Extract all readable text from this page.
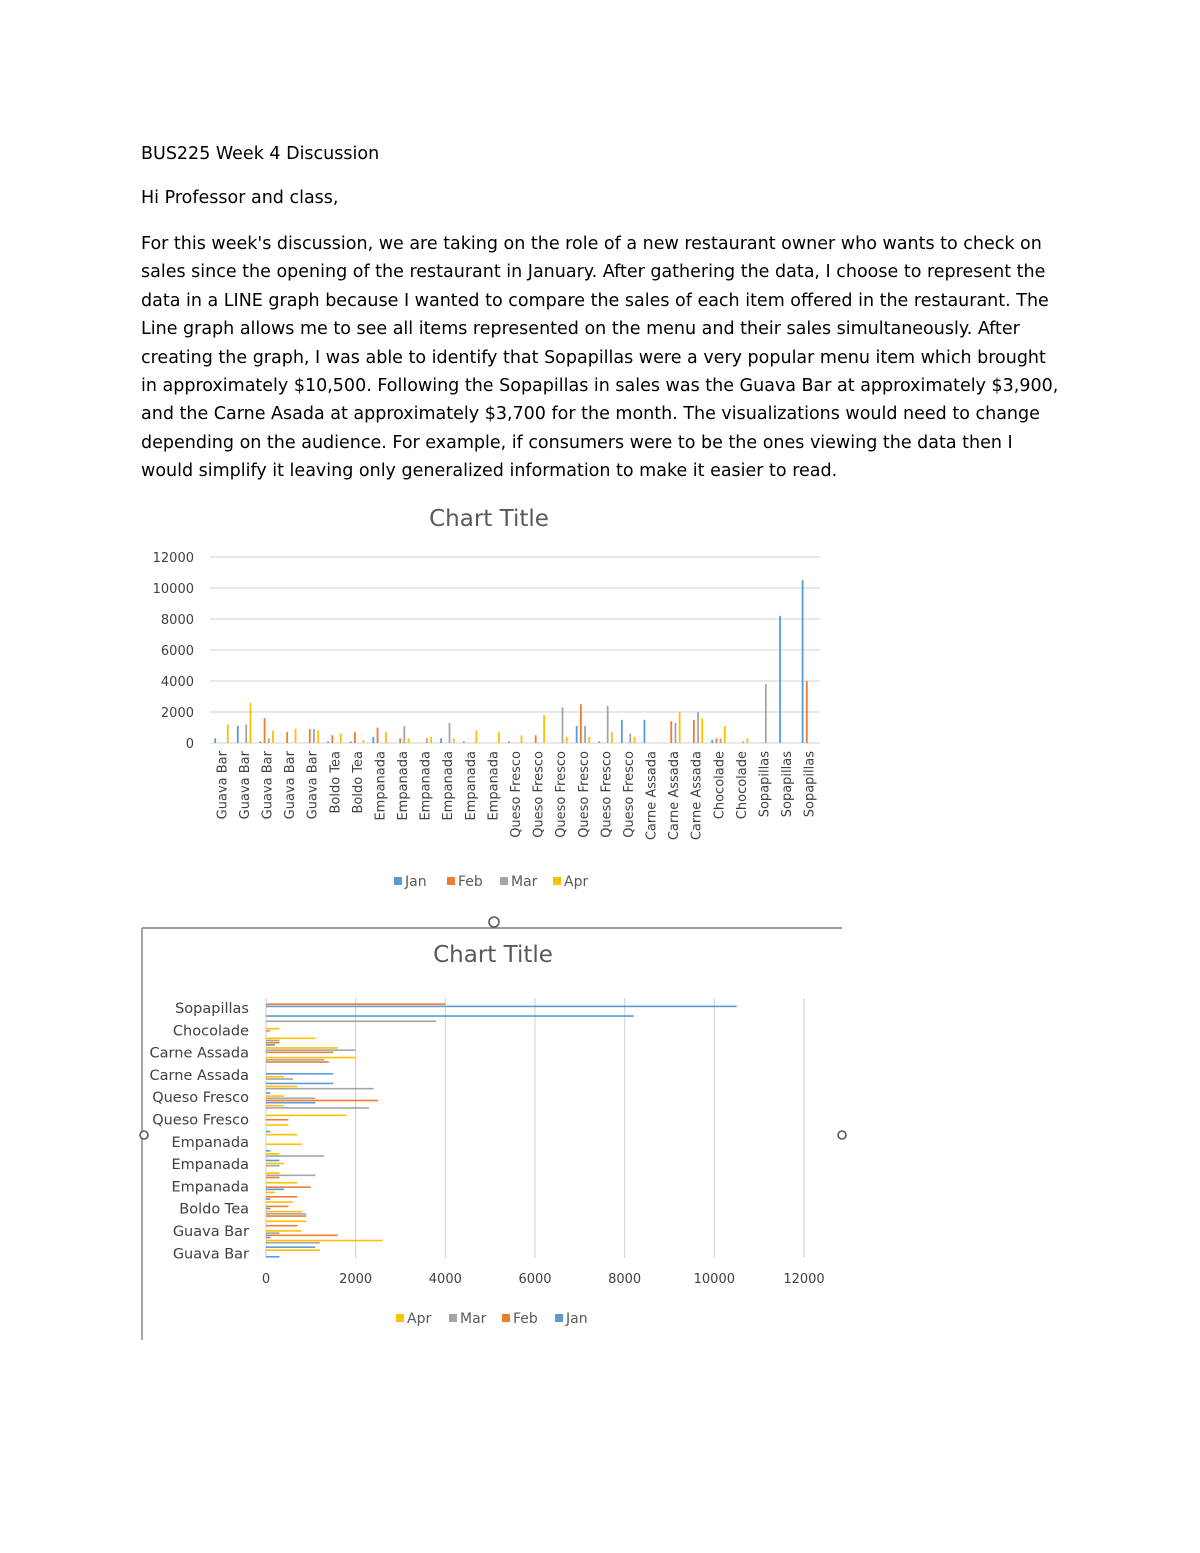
BUS225 Week 4 Discussion
Hi Professor and class,

For this week's discussion, we are taking on the role of a new restaurant owner who wants to check on
sales since the opening of the restaurant in January. After gathering the data, I choose to represent the
data in a LINE graph because I wanted to compare the sales of each item offered in the restaurant. The
Line graph allows me to see all items represented on the menu and their sales simultaneously. After
creating the graph, I was able to identify that Sopapillas were a very popular menu item which brought
in approximately $10,500. Following the Sopapillas in sales was the Guava Bar at approximately $3,900,
and the Carne Asada at approximately $3,700 for the month. The visualizations would need to change
depending on the audience. For example, if consumers were to be the ones viewing the data then I
would simplify it leaving only generalized information to make it easier to read.

Chart Title
0
2000
4000
6000
8000
10000
12000
Guava Bar Guava Bar Guava Bar Guava Bar Guava Bar Boldo Tea Boldo Tea Empanada Empanada Empanada Empanada Empanada Empanada Queso Fresco Queso Fresco Queso Fresco Queso Fresco Queso Fresco Queso Fresco Carne Assada Carne Assada Carne Assada Chocolade Chocolade Sopapillas Sopapillas Sopapillas
Jan Feb Mar Apr
Chart Title
0	2000	4000	6000	8000	10000	12000
Sopapillas
Chocolade
Carne Assada
Carne Assada
Queso Fresco
Queso Fresco
Empanada
Empanada
Empanada
Boldo Tea
Guava Bar
Guava Bar
Apr Mar Feb Jan
